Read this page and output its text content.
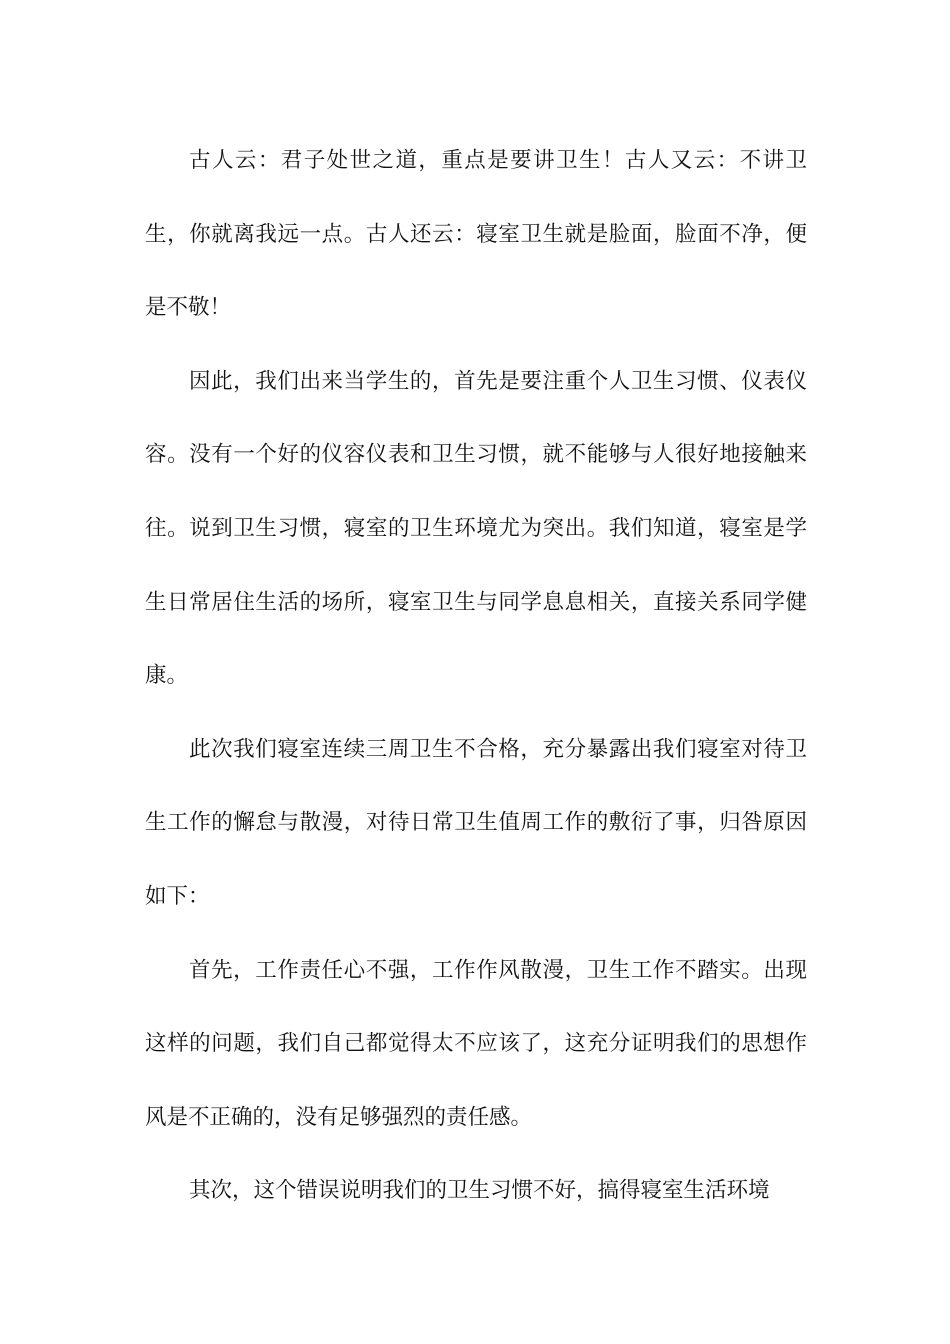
古人云：君子处世之道，重点是要讲卫生！古人又云：不讲卫生，你就离我远一点。古人还云：寝室卫生就是脸面，脸面不净，便是不敬！

因此，我们出来当学生的，首先是要注重个人卫生习惯、仪表仪容。没有一个好的仪容仪表和卫生习惯，就不能够与人很好地接触来往。说到卫生习惯，寝室的卫生环境尤为突出。我们知道，寝室是学生日常居住生活的场所，寝室卫生与同学息息相关，直接关系同学健康。

此次我们寝室连续三周卫生不合格，充分暴露出我们寝室对待卫生工作的懈怠与散漫，对待日常卫生值周工作的敷衍了事，归咎原因如下：

首先，工作责任心不强，工作作风散漫，卫生工作不踏实。出现这样的问题，我们自己都觉得太不应该了，这充分证明我们的思想作风是不正确的，没有足够强烈的责任感。

其次，这个错误说明我们的卫生习惯不好，搞得寝室生活环境
